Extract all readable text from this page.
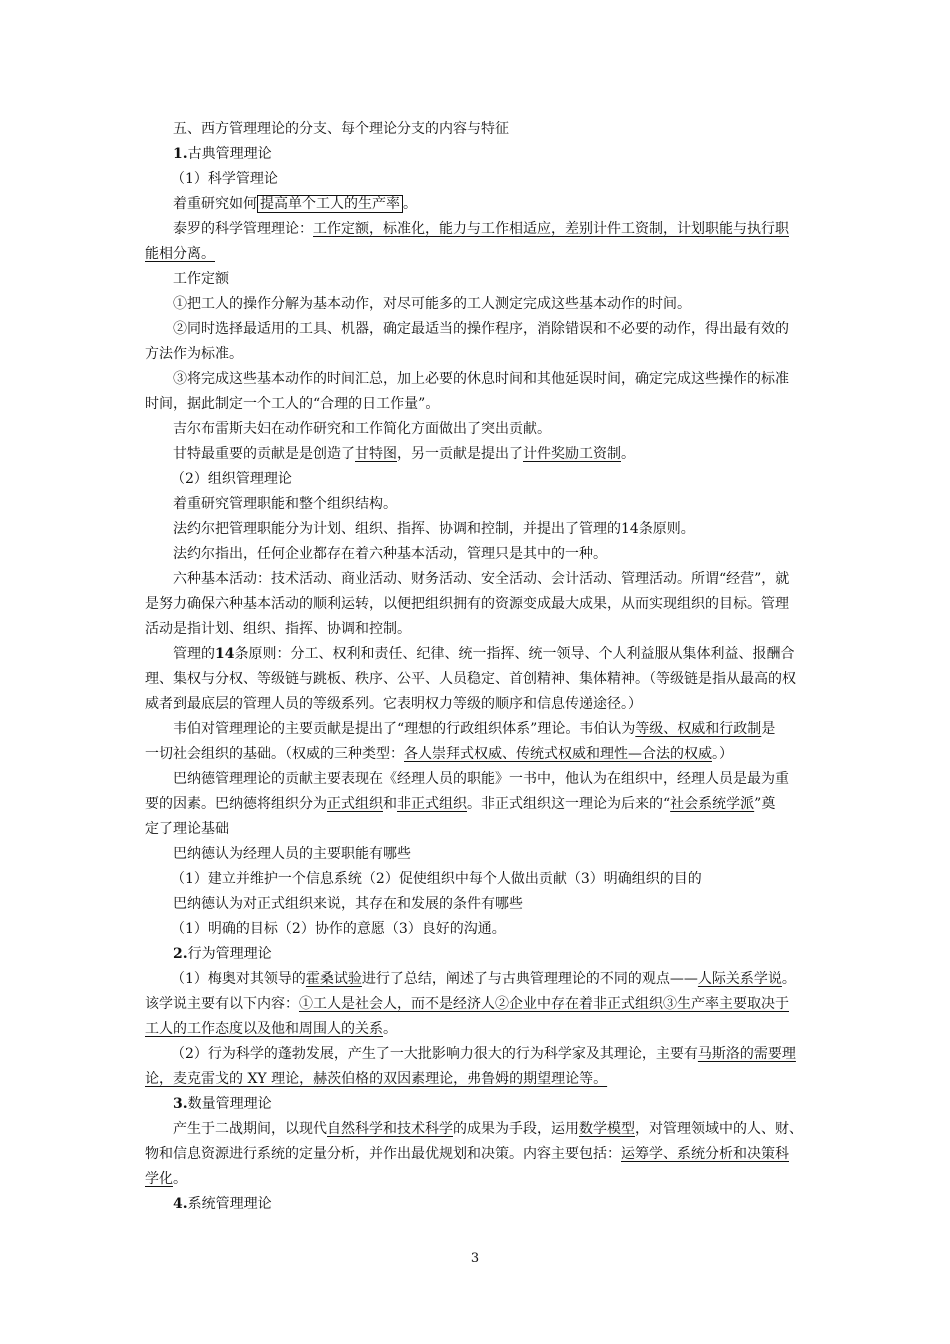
五、西方管理理论的分支、每个理论分支的内容与特征
1.古典管理理论
（1）科学管理论
着重研究如何 提高单个工人的生产率 。
泰罗的科学管理理论：工作定额，标准化，能力与工作相适应，差别计件工资制，计划职能与执行职
能相分离。
工作定额
①把工人的操作分解为基本动作，对尽可能多的工人测定完成这些基本动作的时间。
②同时选择最适用的工具、机器，确定最适当的操作程序，消除错误和不必要的动作，得出最有效的
方法作为标准。
③将完成这些基本动作的时间汇总，加上必要的休息时间和其他延误时间，确定完成这些操作的标准
时间，据此制定一个工人的“合理的日工作量”。
吉尔布雷斯夫妇在动作研究和工作简化方面做出了突出贡献。
甘特最重要的贡献是是创造了甘特图，另一贡献是提出了计件奖励工资制。
（2）组织管理理论
着重研究管理职能和整个组织结构。
法约尔把管理职能分为计划、组织、指挥、协调和控制，并提出了管理的14条原则。
法约尔指出，任何企业都存在着六种基本活动，管理只是其中的一种。
六种基本活动：技术活动、商业活动、财务活动、安全活动、会计活动、管理活动。所谓“经营”，就
是努力确保六种基本活动的顺利运转，以便把组织拥有的资源变成最大成果，从而实现组织的目标。管理
活动是指计划、组织、指挥、协调和控制。
管理的14条原则：分工、权利和责任、纪律、统一指挥、统一领导、个人利益服从集体利益、报酬合
理、集权与分权、等级链与跳板、秩序、公平、人员稳定、首创精神、集体精神。（等级链是指从最高的权
威者到最底层的管理人员的等级系列。它表明权力等级的顺序和信息传递途径。）
韦伯对管理理论的主要贡献是提出了“理想的行政组织体系”理论。韦伯认为等级、权威和行政制是
一切社会组织的基础。（权威的三种类型：各人崇拜式权威、传统式权威和理性—合法的权威。）
巴纳德管理理论的贡献主要表现在《经理人员的职能》一书中，他认为在组织中，经理人员是最为重
要的因素。巴纳德将组织分为正式组织和非正式组织。非正式组织这一理论为后来的“社会系统学派”奠
定了理论基础
巴纳德认为经理人员的主要职能有哪些
（1）建立并维护一个信息系统（2）促使组织中每个人做出贡献（3）明确组织的目的
巴纳德认为对正式组织来说，其存在和发展的条件有哪些
（1）明确的目标（2）协作的意愿（3）良好的沟通。
2.行为管理理论
（1）梅奥对其领导的霍桑试验进行了总结，阐述了与古典管理理论的不同的观点——人际关系学说。
该学说主要有以下内容：①工人是社会人，而不是经济人②企业中存在着非正式组织③生产率主要取决于
工人的工作态度以及他和周围人的关系。
（2）行为科学的蓬勃发展，产生了一大批影响力很大的行为科学家及其理论，主要有马斯洛的需要理
论，麦克雷戈的 XY 理论，赫茨伯格的双因素理论，弗鲁姆的期望理论等。
3.数量管理理论
产生于二战期间，以现代自然科学和技术科学的成果为手段，运用数学模型，对管理领域中的人、财、
物和信息资源进行系统的定量分析，并作出最优规划和决策。内容主要包括：运筹学、系统分析和决策科
学化。
4.系统管理理论
3
